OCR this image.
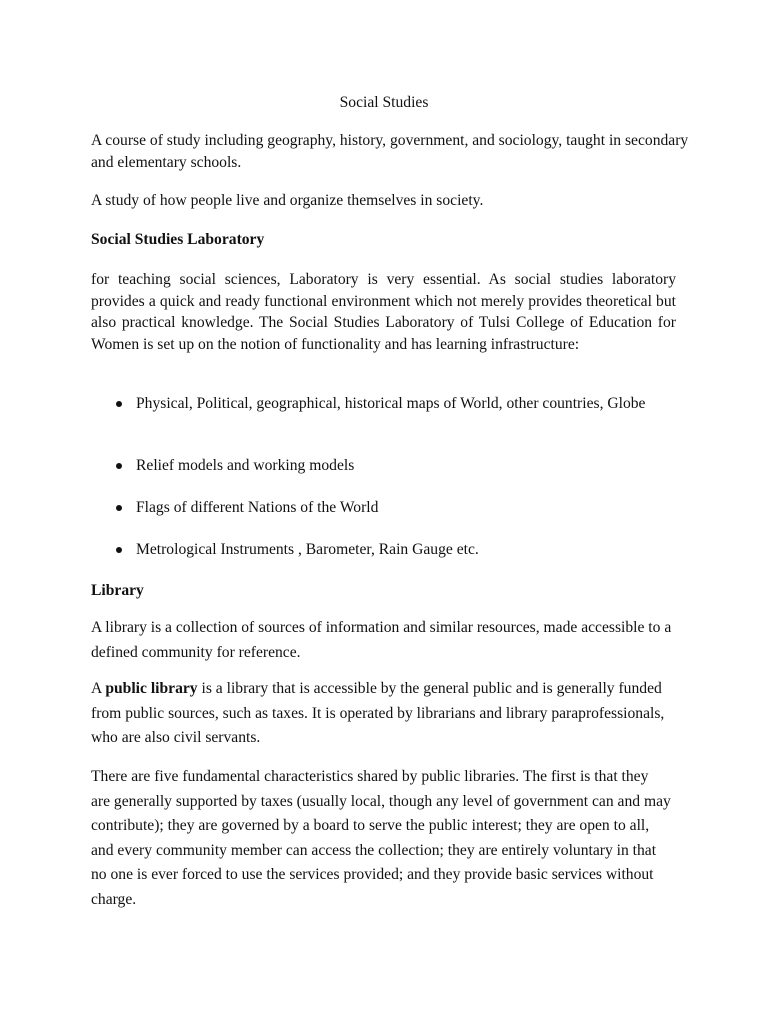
Social Studies

A course of study including geography, history, government, and sociology, taught in secondary and elementary schools.

A study of how people live and organize themselves in society.

Social Studies Laboratory

for teaching social sciences, Laboratory is very essential. As social studies laboratory provides a quick and ready functional environment which not merely provides theoretical but also practical knowledge. The Social Studies Laboratory of Tulsi College of Education for Women is set up on the notion of functionality and has learning infrastructure:

Physical, Political, geographical, historical maps of World, other countries, Globe
Relief models and working models
Flags of different Nations of the World
Metrological Instruments , Barometer, Rain Gauge etc.

Library

A library is a collection of sources of information and similar resources, made accessible to a defined community for reference.

A public library is a library that is accessible by the general public and is generally funded from public sources, such as taxes. It is operated by librarians and library paraprofessionals, who are also civil servants.

There are five fundamental characteristics shared by public libraries. The first is that they are generally supported by taxes (usually local, though any level of government can and may contribute); they are governed by a board to serve the public interest; they are open to all, and every community member can access the collection; they are entirely voluntary in that no one is ever forced to use the services provided; and they provide basic services without charge.
